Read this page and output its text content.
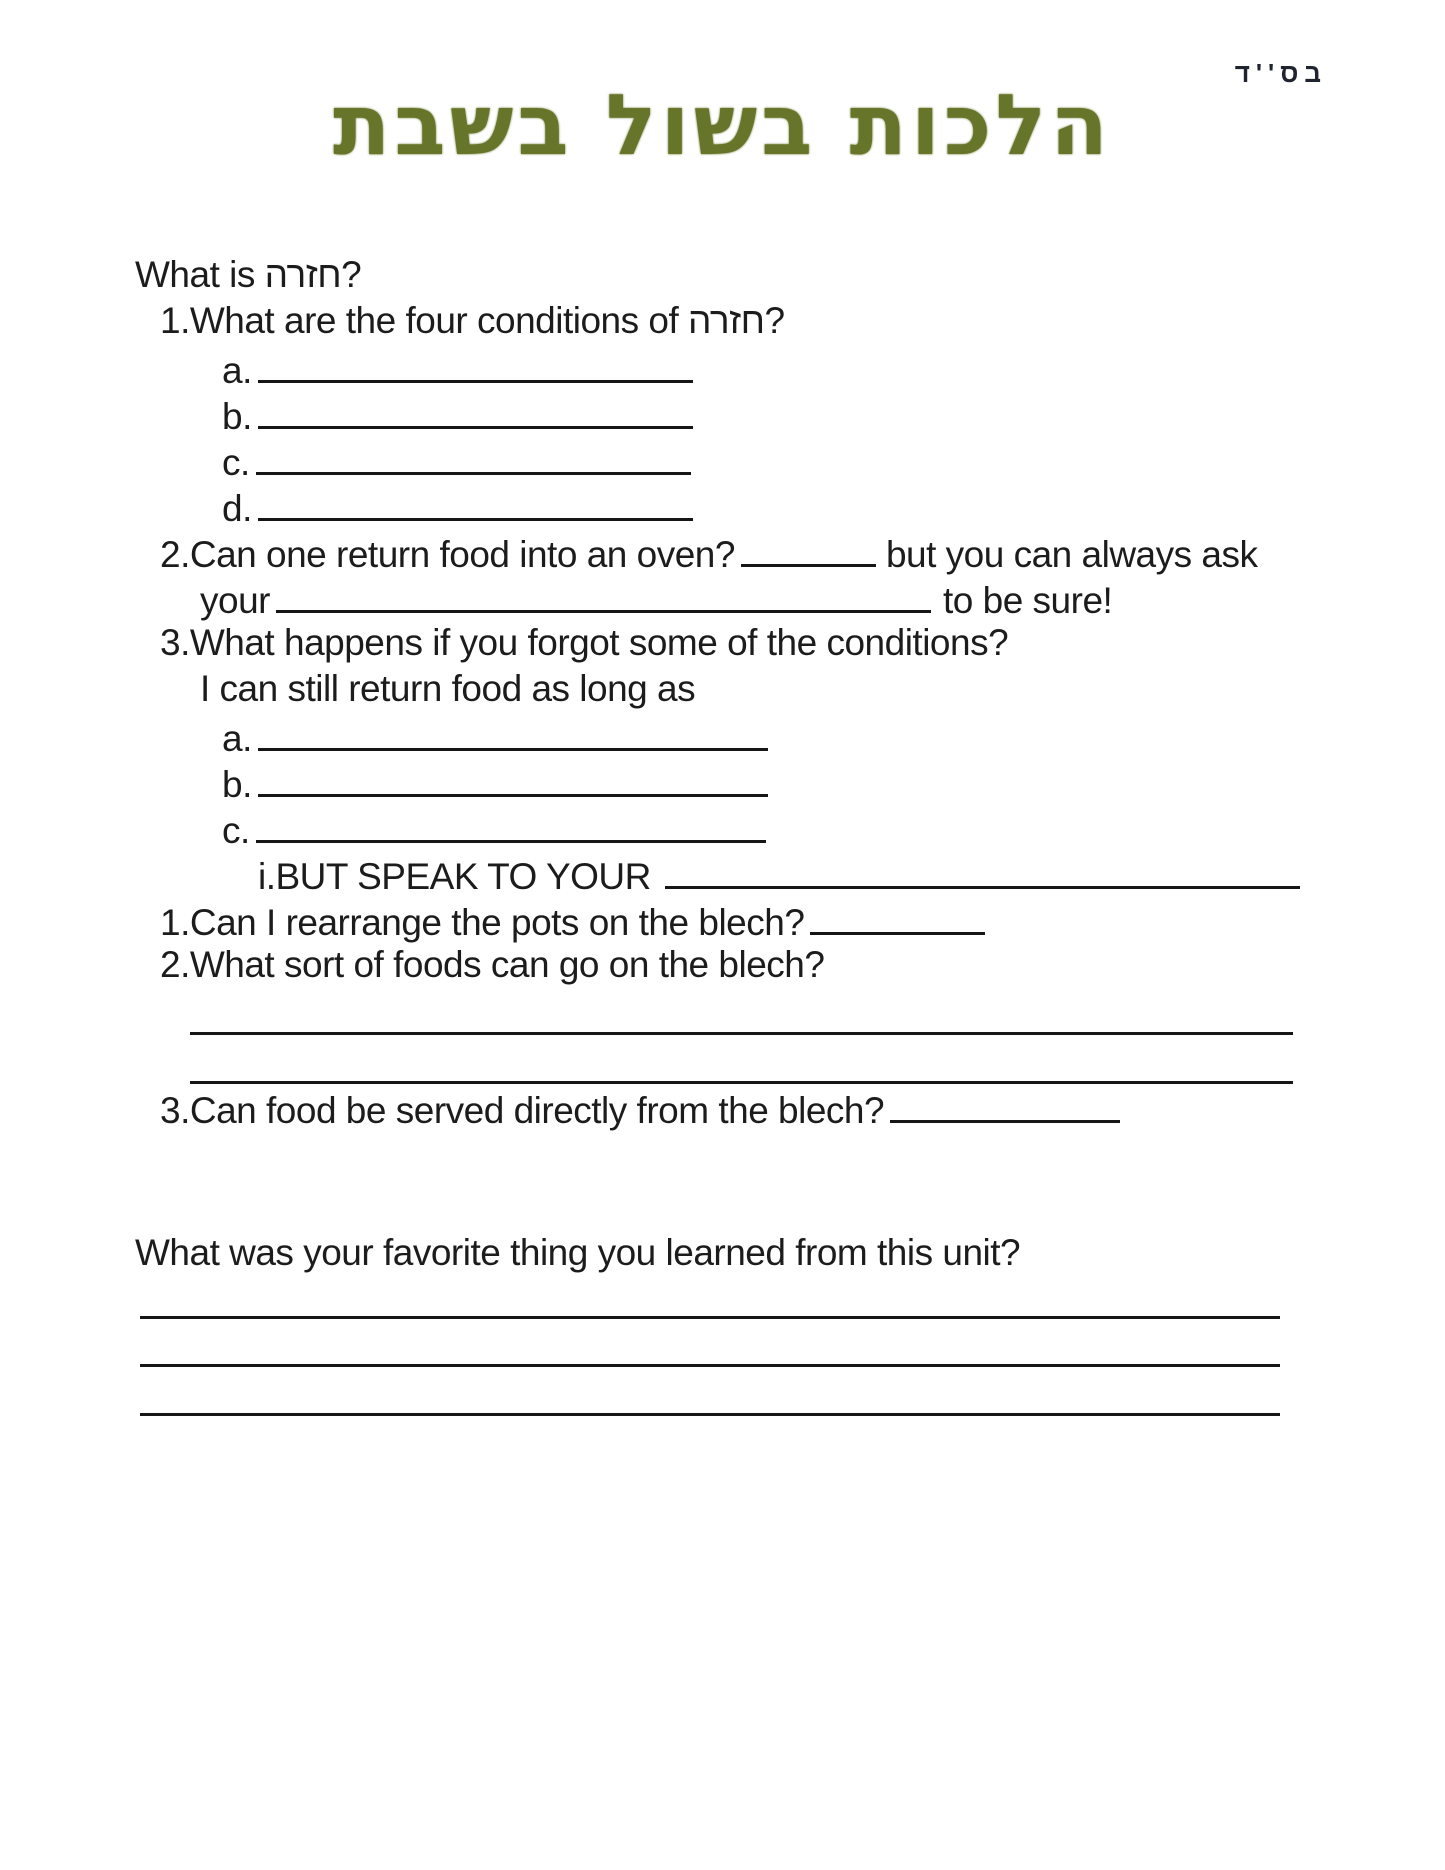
בס''ד
הלכות בשול בשבת
What is חזרה?
1.What are the four conditions of חזרה?
a.
b.
c.
d.
2.Can one return food into an oven?	but you can always ask
your	to be sure!
3.What happens if you forgot some of the conditions?
I can still return food as long as
a.
b.
c.
i.BUT SPEAK TO YOUR
1.Can I rearrange the pots on the blech?
2.What sort of foods can go on the blech?
3.Can food be served directly from the blech?
What was your favorite thing you learned from this unit?
